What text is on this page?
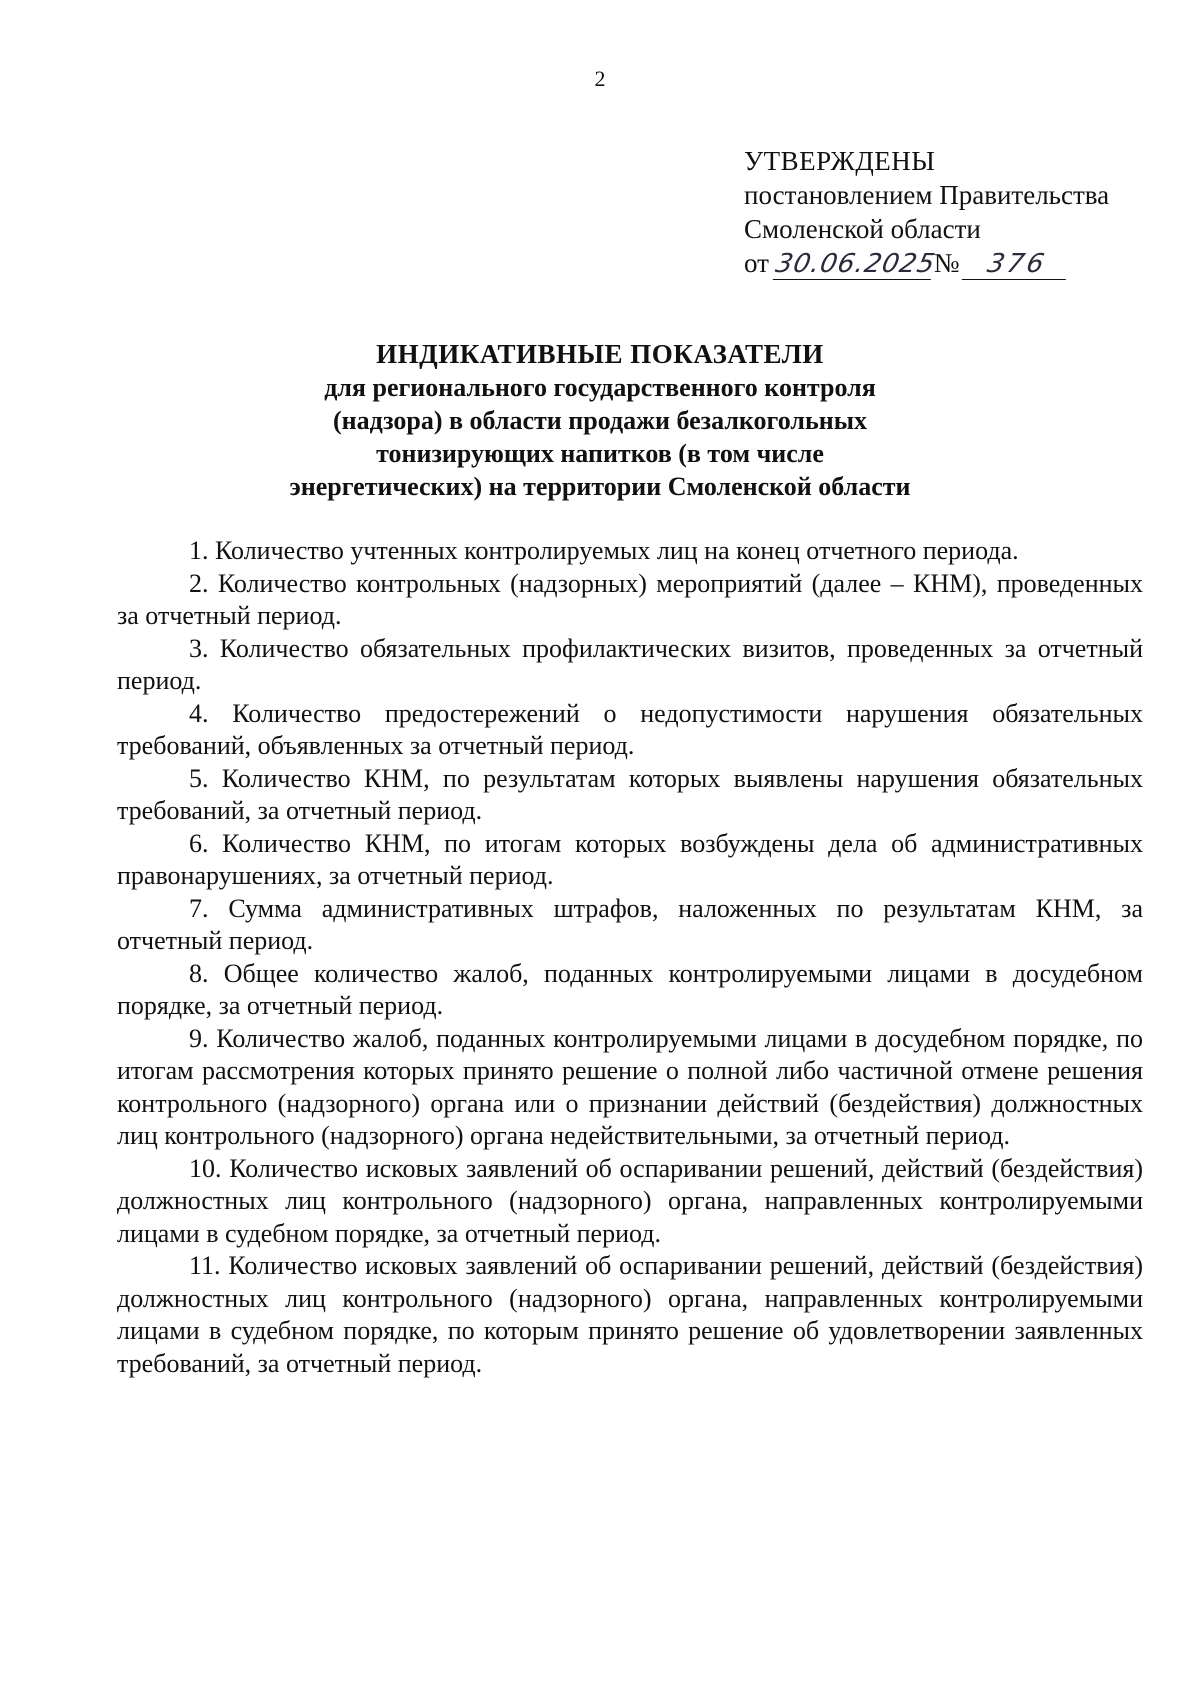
2
УТВЕРЖДЕНЫ
постановлением Правительства
Смоленской области
от 30.06.2025№ 376
ИНДИКАТИВНЫЕ ПОКАЗАТЕЛИ
для регионального государственного контроля
(надзора) в области продажи безалкогольных
тонизирующих напитков (в том числе
энергетических) на территории Смоленской области

1. Количество учтенных контролируемых лиц на конец отчетного периода.

2. Количество контрольных (надзорных) мероприятий (далее – КНМ), проведенных за отчетный период.

3. Количество обязательных профилактических визитов, проведенных за отчетный период.

4. Количество предостережений о недопустимости нарушения обязательных требований, объявленных за отчетный период.

5. Количество КНМ, по результатам которых выявлены нарушения обязательных требований, за отчетный период.

6. Количество КНМ, по итогам которых возбуждены дела об административных правонарушениях, за отчетный период.

7. Сумма административных штрафов, наложенных по результатам КНМ, за отчетный период.

8. Общее количество жалоб, поданных контролируемыми лицами в досудебном порядке, за отчетный период.

9. Количество жалоб, поданных контролируемыми лицами в досудебном порядке, по итогам рассмотрения которых принято решение о полной либо частичной отмене решения контрольного (надзорного) органа или о признании действий (бездействия) должностных лиц контрольного (надзорного) органа недействительными, за отчетный период.

10. Количество исковых заявлений об оспаривании решений, действий (бездействия) должностных лиц контрольного (надзорного) органа, направленных контролируемыми лицами в судебном порядке, за отчетный период.

11. Количество исковых заявлений об оспаривании решений, действий (бездействия) должностных лиц контрольного (надзорного) органа, направленных контролируемыми лицами в судебном порядке, по которым принято решение об удовлетворении заявленных требований, за отчетный период.
